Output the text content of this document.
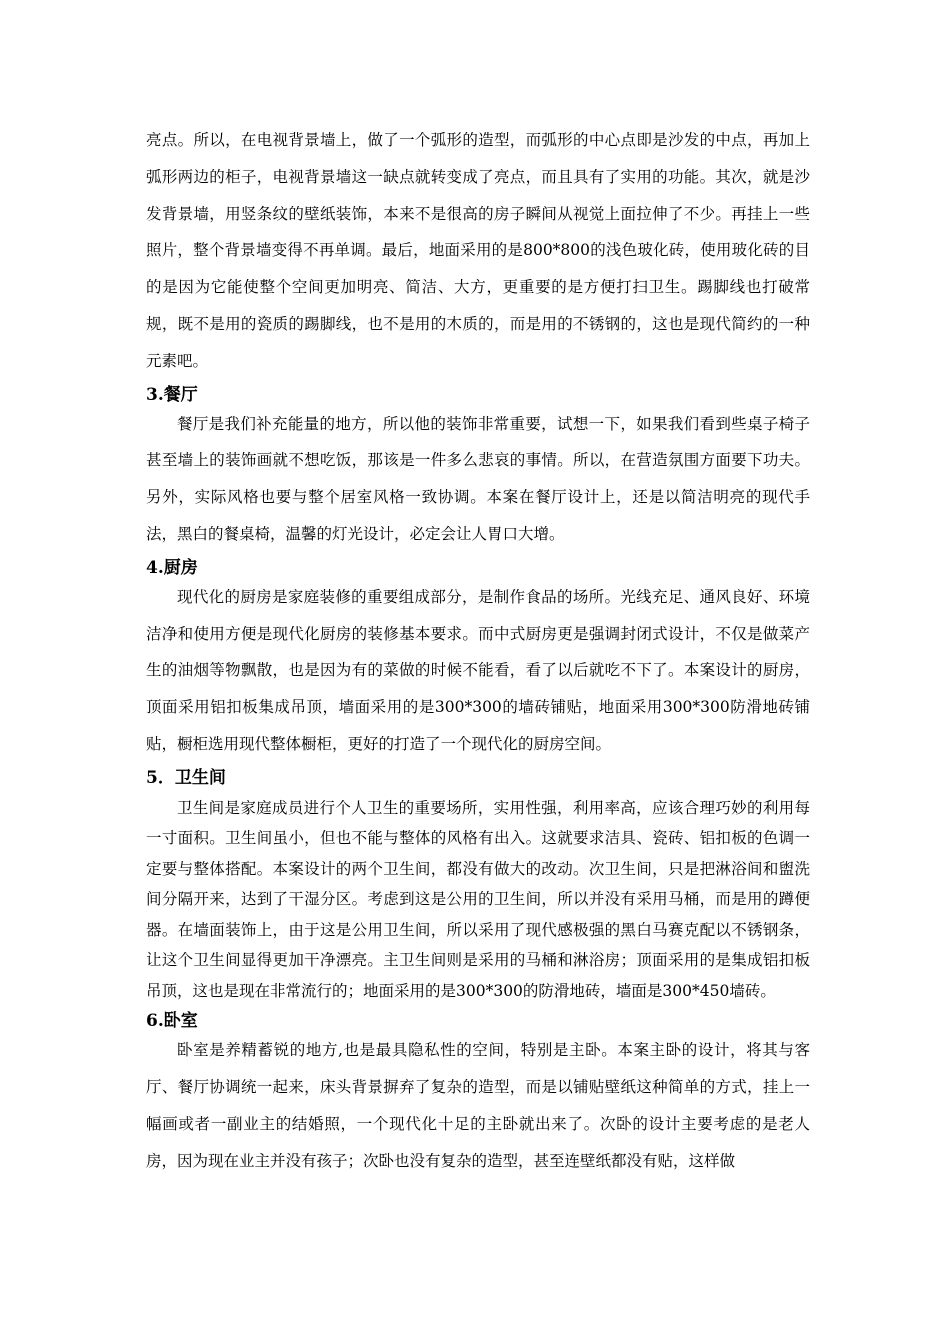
亮点。所以，在电视背景墙上，做了一个弧形的造型，而弧形的中心点即是沙发的中点，再加上弧形两边的柜子，电视背景墙这一缺点就转变成了亮点，而且具有了实用的功能。其次，就是沙发背景墙，用竖条纹的壁纸装饰，本来不是很高的房子瞬间从视觉上面拉伸了不少。再挂上一些照片，整个背景墙变得不再单调。最后，地面采用的是800*800的浅色玻化砖，使用玻化砖的目的是因为它能使整个空间更加明亮、简洁、大方，更重要的是方便打扫卫生。踢脚线也打破常规，既不是用的瓷质的踢脚线，也不是用的木质的，而是用的不锈钢的，这也是现代简约的一种元素吧。

3.餐厅

餐厅是我们补充能量的地方，所以他的装饰非常重要，试想一下，如果我们看到些桌子椅子甚至墙上的装饰画就不想吃饭，那该是一件多么悲哀的事情。所以，在营造氛围方面要下功夫。另外，实际风格也要与整个居室风格一致协调。本案在餐厅设计上，还是以简洁明亮的现代手法，黑白的餐桌椅，温馨的灯光设计，必定会让人胃口大增。

4.厨房

现代化的厨房是家庭装修的重要组成部分，是制作食品的场所。光线充足、通风良好、环境洁净和使用方便是现代化厨房的装修基本要求。而中式厨房更是强调封闭式设计，不仅是做菜产生的油烟等物飘散，也是因为有的菜做的时候不能看，看了以后就吃不下了。本案设计的厨房，顶面采用铝扣板集成吊顶，墙面采用的是300*300的墙砖铺贴，地面采用300*300防滑地砖铺贴，橱柜选用现代整体橱柜，更好的打造了一个现代化的厨房空间。

5．卫生间

卫生间是家庭成员进行个人卫生的重要场所，实用性强，利用率高，应该合理巧妙的利用每一寸面积。卫生间虽小，但也不能与整体的风格有出入。这就要求洁具、瓷砖、铝扣板的色调一定要与整体搭配。本案设计的两个卫生间，都没有做大的改动。次卫生间，只是把淋浴间和盥洗间分隔开来，达到了干湿分区。考虑到这是公用的卫生间，所以并没有采用马桶，而是用的蹲便器。在墙面装饰上，由于这是公用卫生间，所以采用了现代感极强的黑白马赛克配以不锈钢条，让这个卫生间显得更加干净漂亮。主卫生间则是采用的马桶和淋浴房；顶面采用的是集成铝扣板吊顶，这也是现在非常流行的；地面采用的是300*300的防滑地砖，墙面是300*450墙砖。

6.卧室

卧室是养精蓄锐的地方,也是最具隐私性的空间，特别是主卧。本案主卧的设计，将其与客厅、餐厅协调统一起来，床头背景摒弃了复杂的造型，而是以铺贴壁纸这种简单的方式，挂上一幅画或者一副业主的结婚照，一个现代化十足的主卧就出来了。次卧的设计主要考虑的是老人房，因为现在业主并没有孩子；次卧也没有复杂的造型，甚至连壁纸都没有贴，这样做
